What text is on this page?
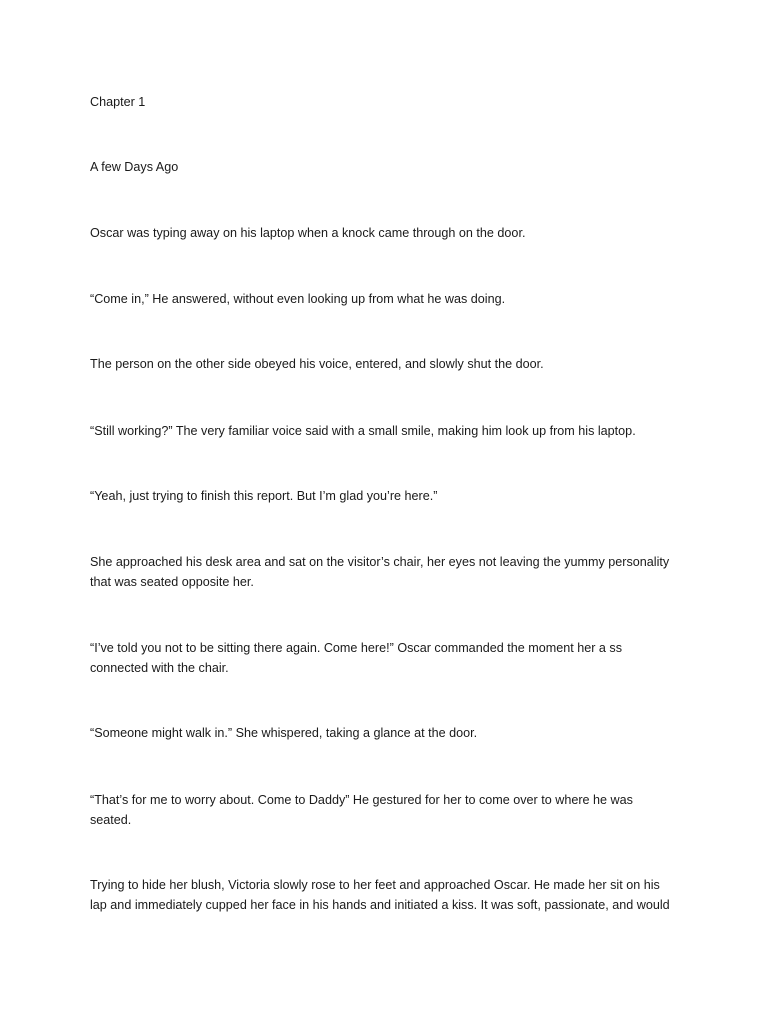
Chapter 1

A few Days Ago

Oscar was typing away on his laptop when a knock came through on the door.

“Come in,” He answered, without even looking up from what he was doing.

The person on the other side obeyed his voice, entered, and slowly shut the door.

“Still working?” The very familiar voice said with a small smile, making him look up from his laptop.

“Yeah, just trying to finish this report. But I’m glad you’re here.”

She approached his desk area and sat on the visitor’s chair, her eyes not leaving the yummy personality
that was seated opposite her.

“I’ve told you not to be sitting there again. Come here!” Oscar commanded the moment her a ss
connected with the chair.

“Someone might walk in.” She whispered, taking a glance at the door.

“That’s for me to worry about. Come to Daddy” He gestured for her to come over to where he was
seated.

Trying to hide her blush, Victoria slowly rose to her feet and approached Oscar. He made her sit on his
lap and immediately cupped her face in his hands and initiated a kiss. It was soft, passionate, and would
